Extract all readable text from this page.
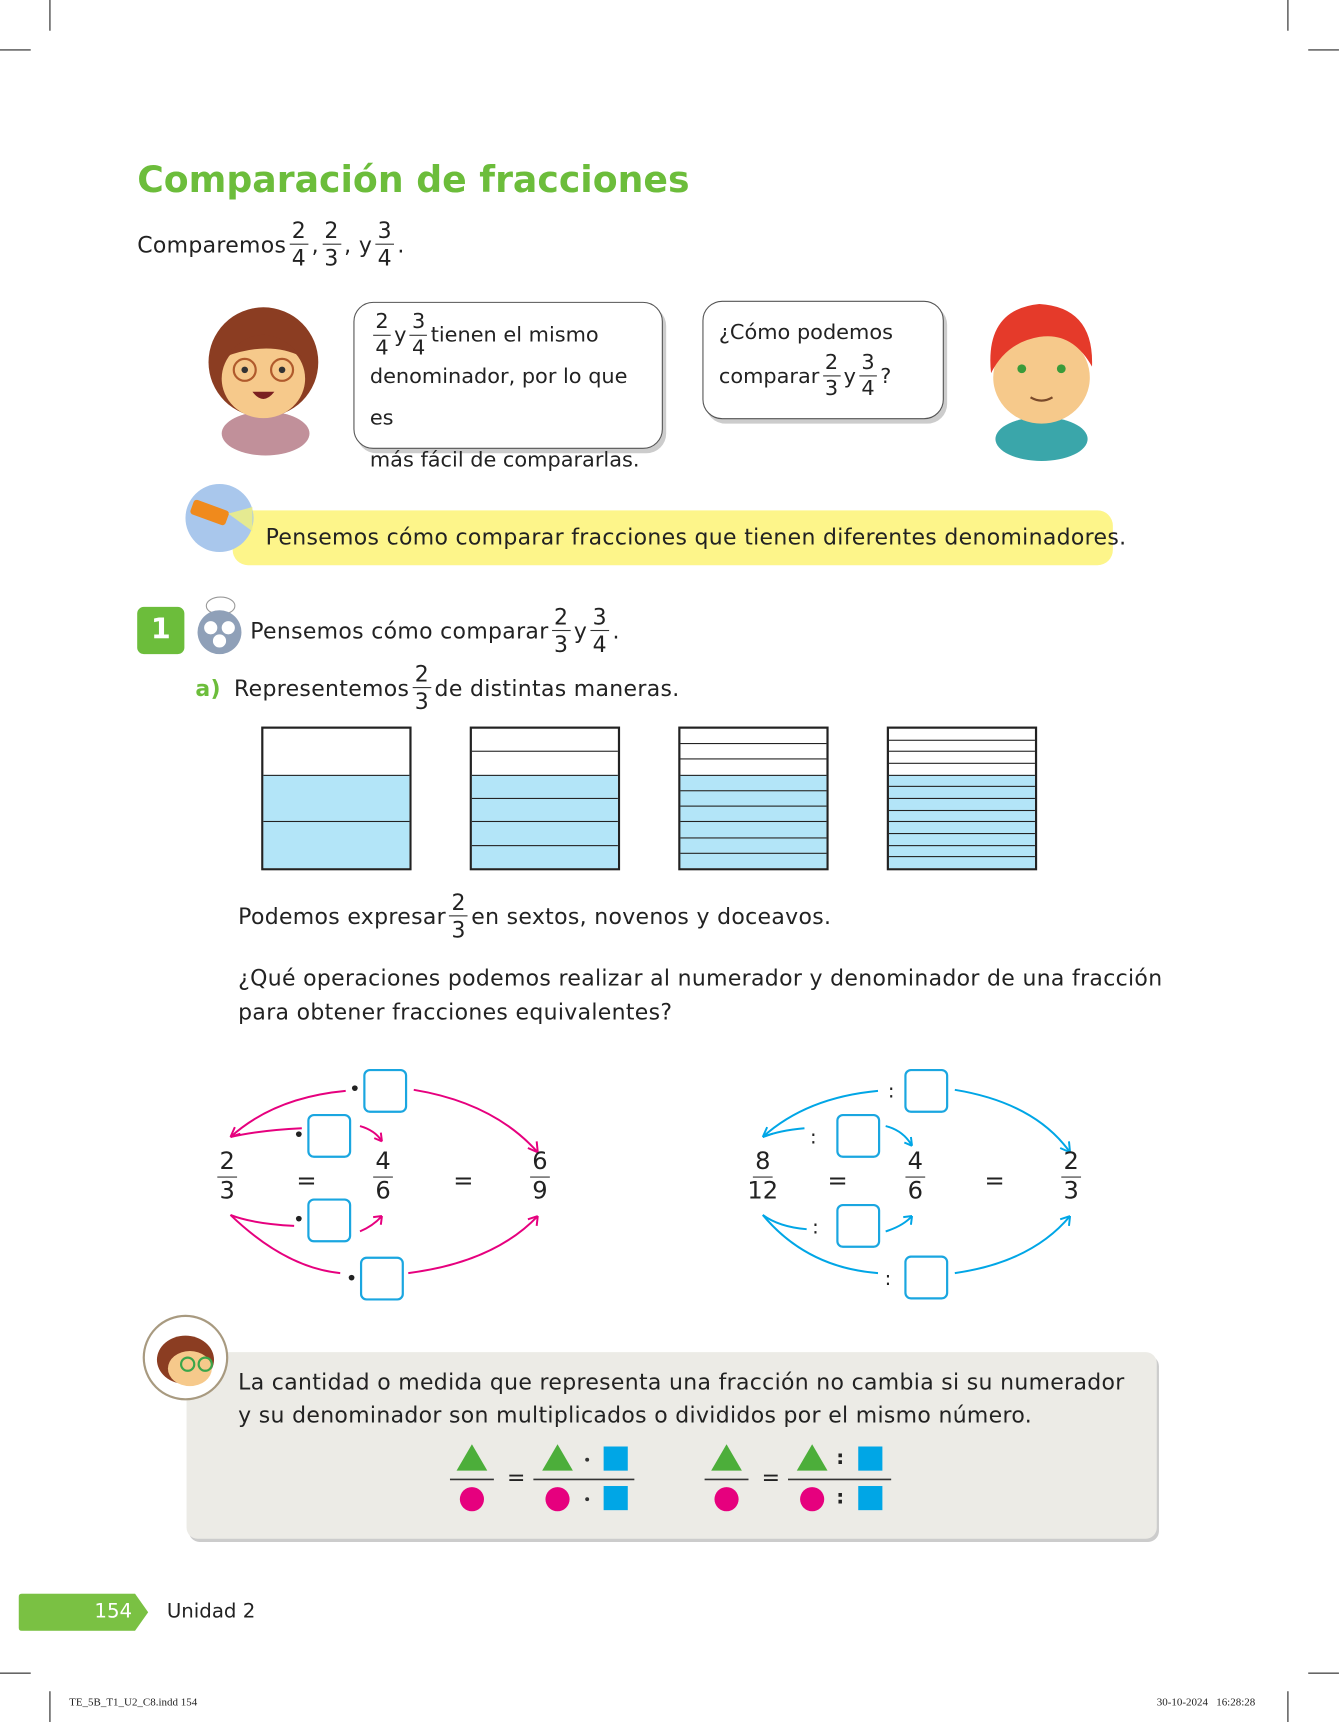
Comparación de fracciones
Comparemos $\frac{2}{4}$ , $\frac{2}{3}$ , y $\frac{3}{4}$ .
$\frac{2}{4}$ y $\frac{3}{4}$ tienen el mismo
denominador, por lo que es
más fácil de compararlas.
¿Cómo podemos
comparar $\frac{2}{3}$ y $\frac{3}{4}$ ?
Pensemos cómo comparar fracciones que tienen diferentes denominadores.
1	Pensemos cómo comparar $\frac{2}{3}$ y $\frac{3}{4}$ .
a) Representemos $\frac{2}{3}$ de distintas maneras.
Podemos expresar $\frac{2}{3}$ en sextos, novenos y doceavos.
¿Qué operaciones podemos realizar al numerador y denominador de una fracción
para obtener fracciones equivalentes?
•
•
•
•
$\frac{2}{3}$	=	$\frac{4}{6}$	=	$\frac{6}{9}$
:
:
:
:
$\frac{8}{12}$ =	$\frac{4}{6}$	=	$\frac{2}{3}$
La cantidad o medida que representa una fracción no cambia si su numerador
y su denominador son multiplicados o divididos por el mismo número.
=	=
:
:
154 Unidad 2
TE_5B_T1_U2_C8.indd 154	30-10-2024   16:28:28
